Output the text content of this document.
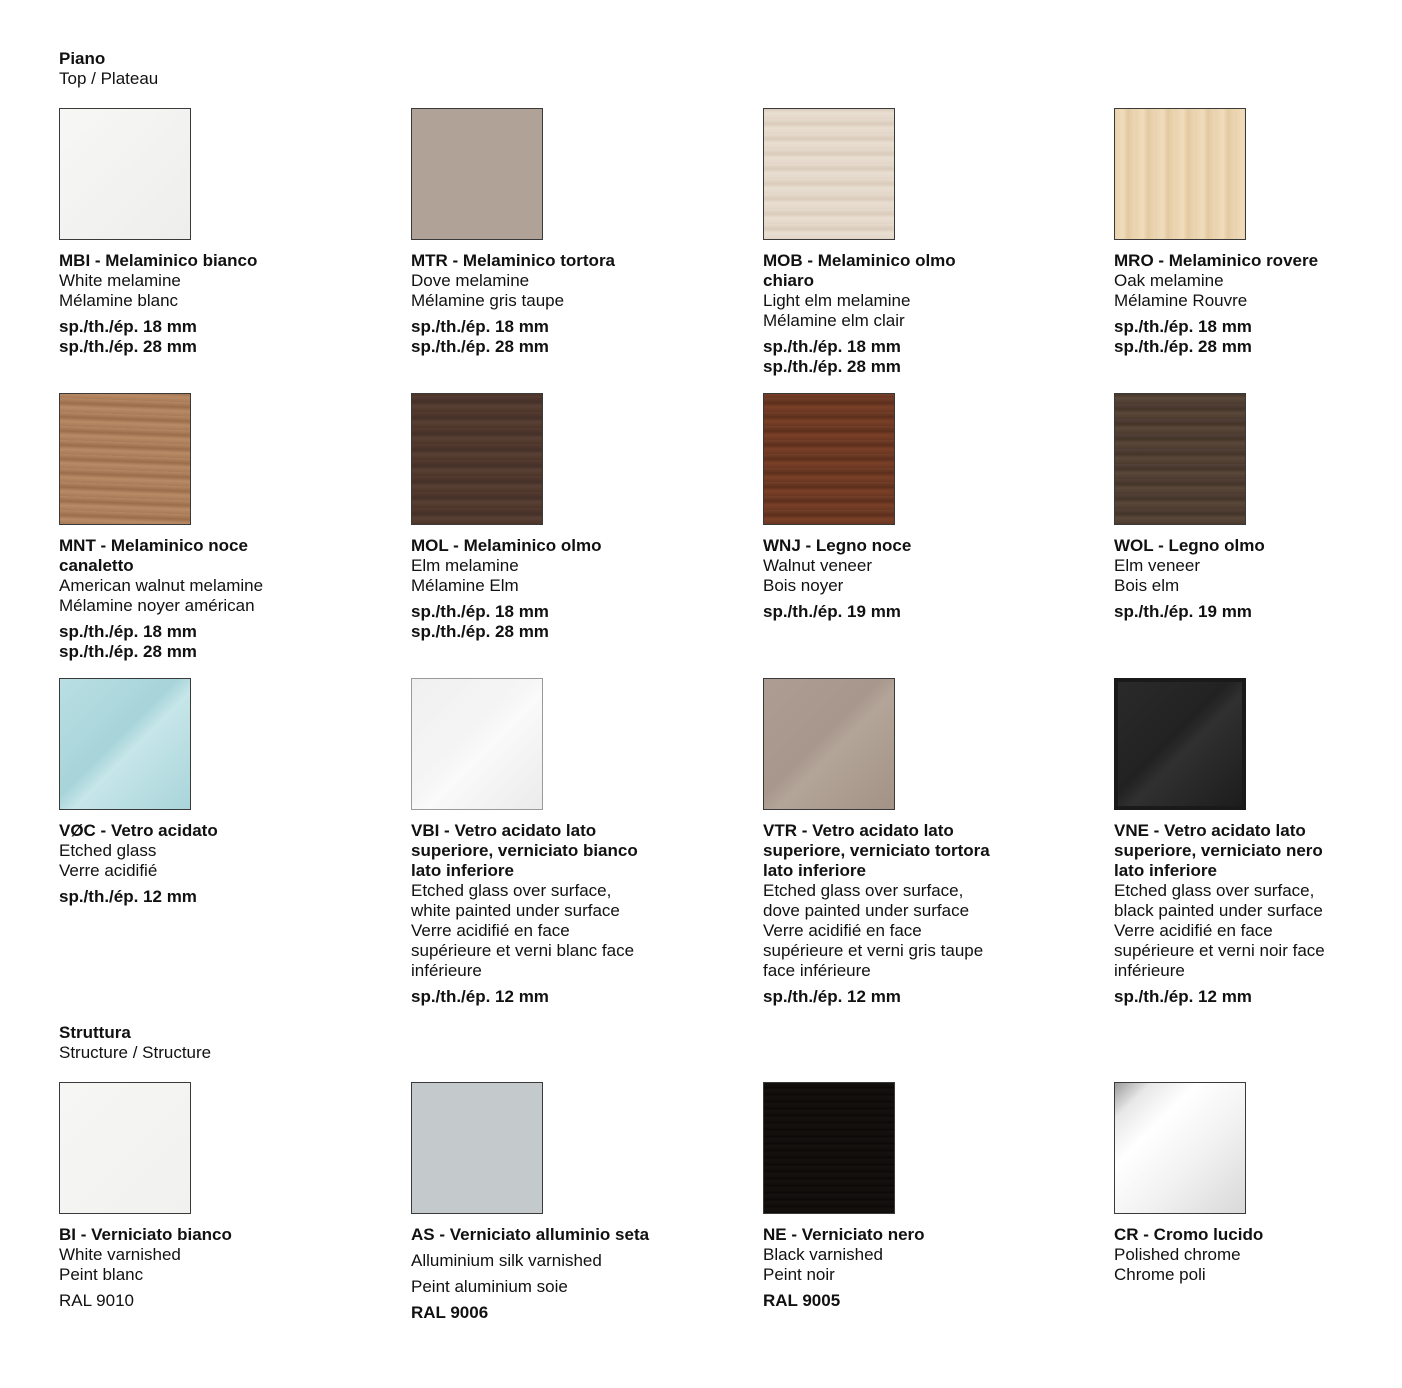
Piano
Top / Plateau
MBI - Melaminico bianco
White melamine
Mélamine blanc
sp./th./ép. 18 mm
sp./th./ép. 28 mm
MTR - Melaminico tortora
Dove melamine
Mélamine gris taupe
sp./th./ép. 18 mm
sp./th./ép. 28 mm
MOB - Melaminico olmo
chiaro
Light elm melamine
Mélamine elm clair
sp./th./ép. 18 mm
sp./th./ép. 28 mm
MRO - Melaminico rovere
Oak melamine
Mélamine Rouvre
sp./th./ép. 18 mm
sp./th./ép. 28 mm
MNT - Melaminico noce
canaletto
American walnut melamine
Mélamine noyer américan
sp./th./ép. 18 mm
sp./th./ép. 28 mm
MOL - Melaminico olmo
Elm melamine
Mélamine Elm
sp./th./ép. 18 mm
sp./th./ép. 28 mm
WNJ - Legno noce
Walnut veneer
Bois noyer
sp./th./ép. 19 mm
WOL - Legno olmo
Elm veneer
Bois elm
sp./th./ép. 19 mm
VØC - Vetro acidato
Etched glass
Verre acidifié
sp./th./ép. 12 mm
VBI - Vetro acidato lato
superiore, verniciato bianco
lato inferiore
Etched glass over surface,
white painted under surface
Verre acidifié en face
supérieure et verni blanc face
inférieure
sp./th./ép. 12 mm
VTR - Vetro acidato lato
superiore, verniciato tortora
lato inferiore
Etched glass over surface,
dove painted under surface
Verre acidifié en face
supérieure et verni gris taupe
face inférieure
sp./th./ép. 12 mm
VNE - Vetro acidato lato
superiore, verniciato nero
lato inferiore
Etched glass over surface,
black painted under surface
Verre acidifié en face
supérieure et verni noir face
inférieure
sp./th./ép. 12 mm
Struttura
Structure / Structure
BI - Verniciato bianco
White varnished
Peint blanc
RAL 9010
AS - Verniciato alluminio seta
Alluminium silk varnished
Peint aluminium soie
RAL 9006
NE - Verniciato nero
Black varnished
Peint noir
RAL 9005
CR - Cromo lucido
Polished chrome
Chrome poli
